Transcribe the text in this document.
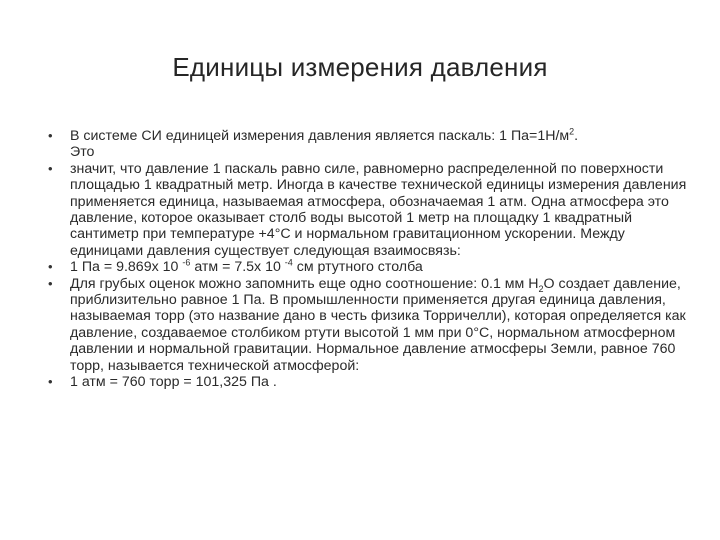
Единицы измерения давления
• В системе СИ единицей измерения давления является паскаль: 1 $Па=1Н/м^2$.
Это
• значит, что давление 1 паскаль равно силе, равномерно распределенной по поверхности площадью 1 квадратный метр. Иногда в качестве технической единицы измерения давления применяется единица, называемая атмосфера, обозначаемая 1 атм. Одна атмосфера это давление, которое оказывает столб воды высотой 1 метр на площадку 1 квадратный сантиметр при температуре +4°С и нормальном гравитационном ускорении. Между единицами давления существует следующая взаимосвязь:
• 1 Па = 9.869х 10 $^{-6}$ атм = 7.5х 10 $^{-4}$ см ртутного столба
• Для грубых оценок можно запомнить еще одно соотношение: 0.1 мм $Н_2О$ создает давление, приблизительно равное 1 Па. В промышленности применяется другая единица давления, называемая торр (это название дано в честь физика Торричелли), которая определяется как давление, создаваемое столбиком ртути высотой 1 мм при 0°С, нормальном атмосферном давлении и нормальной гравитации. Нормальное давление атмосферы Земли, равное 760 торр, называется технической атмосферой:
• 1 атм = 760 торр = 101,325 Па .
